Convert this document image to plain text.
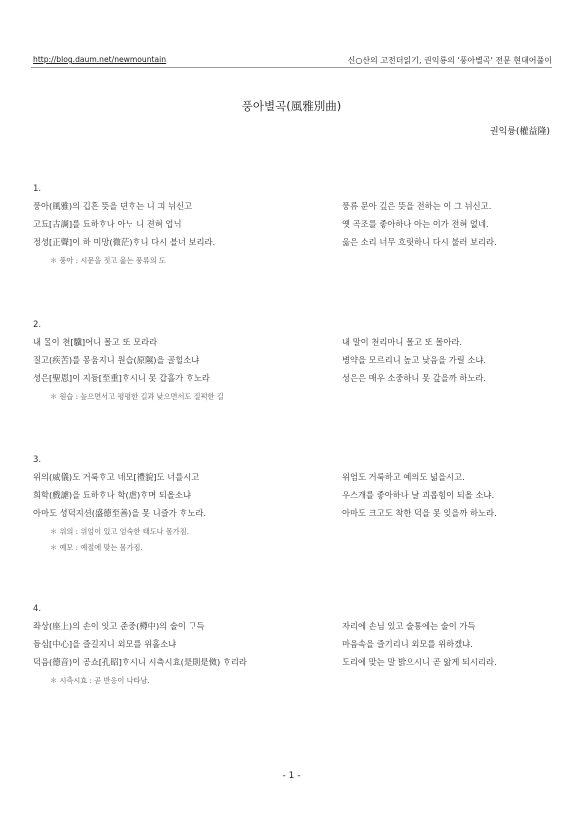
http://blog.daum.net/newmountain	신○산의 고전더읽기, 권익룡의 '풍아별곡' 전문 현대어풀이
풍아별곡(風雅別曲)
권익륭(權益隆)
1.
풍아(風雅)의 깁흔 뜻을 뎐ᄒᆞ는 니 긔 뉘신고
고됴[古調]를 됴하ᄒᆞ나 아ᄂᆞ 니 젼혀 업ᄂᆡ
정셩[正聲]이 하 미망(微茫)ᄒᆞ니 다시 블너 보리라.
풍류 문아 깊은 뜻을 전하는 이 그 뉘신고.
옛 곡조를 좋아하나 아는 이가 전혀 없네.
옳은 소리 너무 흐릿하니 다시 불러 보리라.
＊ 풍아 : 시문을 짓고 읊는 풍류의 도
2.
내 ᄆᆞᆯ이 쳔[驥]어니 몰고 또 모라라
질고(疾苦)를 몽움지니 원습(原隰)을 골힐소냐
셩은[聖恩]이 지듕[至重]ᄒᆞ시니 못 갑흘가 ᄒᆞ노라
내 말이 천리마니 몰고 또 몰아라.
병약을 모르리니 높고 낮음을 가릴 소냐.
성은은 매우 소중하니 못 갚을까 하노라.
＊ 원습 : 높으면서고 평평한 길과 낮으면서도 질퍽한 길
3.
위의(威儀)도 거룩ᄒᆞ고 네모[禮貌]도 너를시고
희학(戲謔)을 됴하ᄒᆞ나 학(虐)ᄒᆞ며 되올소냐
아마도 셩덕지션(盛德至善)을 못 니즐가 ᄒᆞ노라.
위엄도 거룩하고 예의도 넓을시고.
우스개를 좋아하나 날 괴롭힘이 되올 소냐.
아마도 크고도 착한 덕을 못 잊을까 하노라.
＊ 위의 : 위엄이 있고 엄숙한 태도나 몸가짐.
＊ 예모 : 예절에 맞는 몸가짐.
4.
좌상(座上)의 손이 잇고 준중(樽中)의 술이 ᄀᆞ득
듕심[中心]을 즐길지니 외모를 위홀소냐
덕음(德音)이 공쇼[孔昭]ᄒᆞ시니 시측시효(是則是傚) ᄒᆞ리라
자리에 손님 있고 술통에는 술이 가득
마음속을 즐기리니 외모를 위하겠냐.
도리에 맞는 말 밝으시니 곧 앎게 되시리라.
＊ 시측시효 : 곧 반응이 나타남.
- 1 -
